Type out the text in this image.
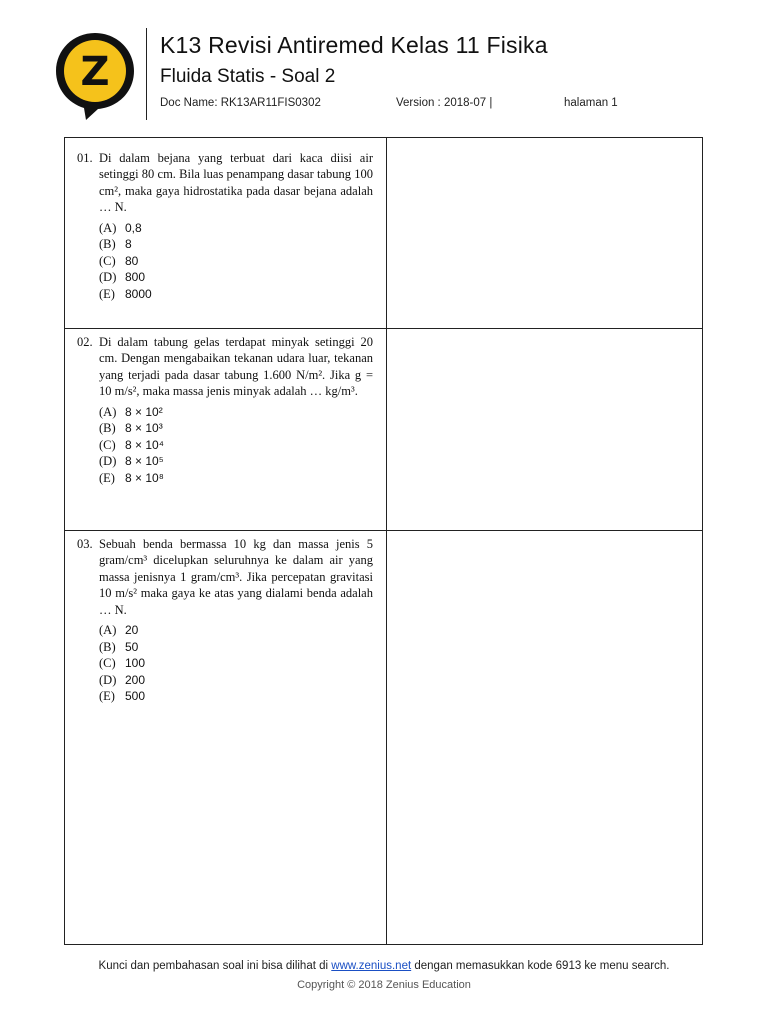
Z
K13 Revisi Antiremed Kelas 11 Fisika
Fluida Statis - Soal 2
Doc Name: RK13AR11FIS0302	Version : 2018-07 |	halaman 1
01. Di dalam bejana yang terbuat dari kaca diisi air setinggi 80 cm. Bila luas penampang dasar tabung 100 cm², maka gaya hidrostatika pada dasar bejana adalah … N.
(A) 0,8
(B) 8
(C) 80
(D) 800
(E) 8000
02. Di dalam tabung gelas terdapat minyak setinggi 20 cm. Dengan mengabaikan tekanan udara luar, tekanan yang terjadi pada dasar tabung 1.600 N/m². Jika g = 10 m/s², maka massa jenis minyak adalah … kg/m³.
(A) 8 × 10²
(B) 8 × 10³
(C) 8 × 10⁴
(D) 8 × 10⁵
(E) 8 × 10⁸
03. Sebuah benda bermassa 10 kg dan massa jenis 5 gram/cm³ dicelupkan seluruhnya ke dalam air yang massa jenisnya 1 gram/cm³. Jika percepatan gravitasi 10 m/s² maka gaya ke atas yang dialami benda adalah … N.
(A) 20
(B) 50
(C) 100
(D) 200
(E) 500
Kunci dan pembahasan soal ini bisa dilihat di www.zenius.net dengan memasukkan kode 6913 ke menu search.
Copyright © 2018 Zenius Education
